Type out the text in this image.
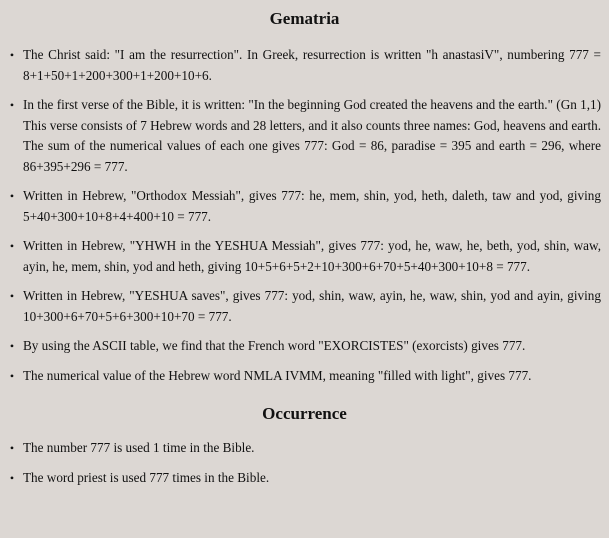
Gematria
• The Christ said: "I am the resurrection". In Greek, resurrection is written "h anastasiV", numbering 777 = 8+1+50+1+200+300+1+200+10+6.
• In the first verse of the Bible, it is written: "In the beginning God created the heavens and the earth." (Gn 1,1) This verse consists of 7 Hebrew words and 28 letters, and it also counts three names: God, heavens and earth. The sum of the numerical values of each one gives 777: God = 86, paradise = 395 and earth = 296, where 86+395+296 = 777.
• Written in Hebrew, "Orthodox Messiah", gives 777: he, mem, shin, yod, heth, daleth, taw and yod, giving 5+40+300+10+8+4+400+10 = 777.
• Written in Hebrew, "YHWH in the YESHUA Messiah", gives 777: yod, he, waw, he, beth, yod, shin, waw, ayin, he, mem, shin, yod and heth, giving 10+5+6+5+2+10+300+6+70+5+40+300+10+8 = 777.
• Written in Hebrew, "YESHUA saves", gives 777: yod, shin, waw, ayin, he, waw, shin, yod and ayin, giving 10+300+6+70+5+6+300+10+70 = 777.
• By using the ASCII table, we find that the French word "EXORCISTES" (exorcists) gives 777.
• The numerical value of the Hebrew word NMLA IVMM, meaning "filled with light", gives 777.
Occurrence
• The number 777 is used 1 time in the Bible.
• The word priest is used 777 times in the Bible.
